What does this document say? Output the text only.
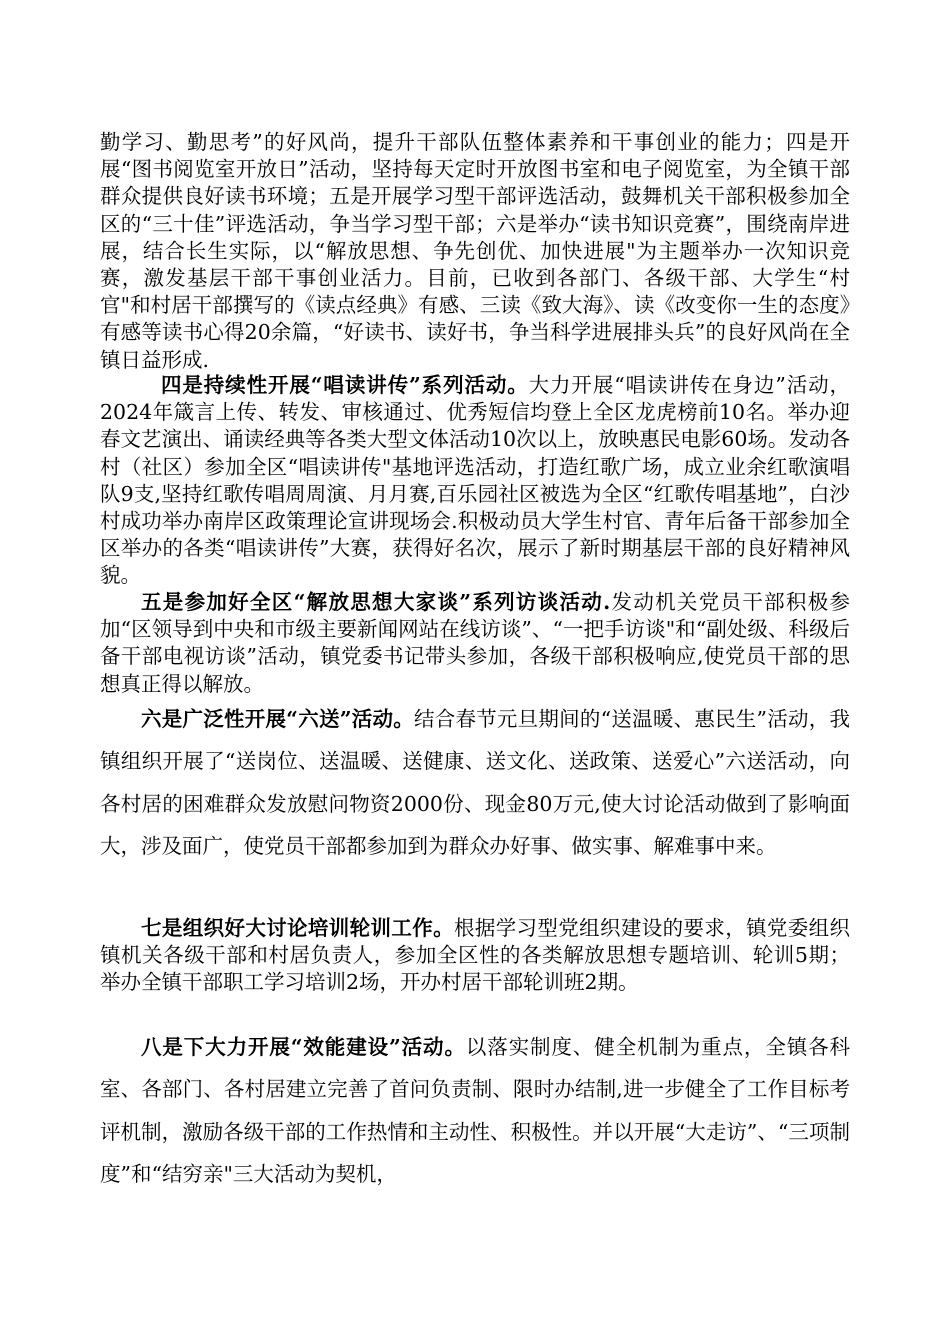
勤学习、勤思考”的好风尚，提升干部队伍整体素养和干事创业的能力；四是开展“图书阅览室开放日”活动，坚持每天定时开放图书室和电子阅览室，为全镇干部群众提供良好读书环境；五是开展学习型干部评选活动，鼓舞机关干部积极参加全区的“三十佳”评选活动，争当学习型干部；六是举办“读书知识竞赛”，围绕南岸进展，结合长生实际，以“解放思想、争先创优、加快进展"为主题举办一次知识竞赛，激发基层干部干事创业活力。目前，已收到各部门、各级干部、大学生“村官"和村居干部撰写的《读点经典》有感、三读《致大海》、读《改变你一生的态度》有感等读书心得20余篇，“好读书、读好书，争当科学进展排头兵”的良好风尚在全镇日益形成.

四是持续性开展“唱读讲传”系列活动。大力开展“唱读讲传在身边”活动，2024年箴言上传、转发、审核通过、优秀短信均登上全区龙虎榜前10名。举办迎春文艺演出、诵读经典等各类大型文体活动10次以上，放映惠民电影60场。发动各村（社区）参加全区“唱读讲传"基地评选活动，打造红歌广场，成立业余红歌演唱队9支,坚持红歌传唱周周演、月月赛,百乐园社区被选为全区“红歌传唱基地”，白沙村成功举办南岸区政策理论宣讲现场会.积极动员大学生村官、青年后备干部参加全区举办的各类“唱读讲传”大赛，获得好名次，展示了新时期基层干部的良好精神风貌。

五是参加好全区“解放思想大家谈”系列访谈活动.发动机关党员干部积极参加“区领导到中央和市级主要新闻网站在线访谈”、“一把手访谈"和“副处级、科级后备干部电视访谈”活动，镇党委书记带头参加，各级干部积极响应,使党员干部的思想真正得以解放。

六是广泛性开展“六送”活动。结合春节元旦期间的“送温暖、惠民生”活动，我镇组织开展了“送岗位、送温暖、送健康、送文化、送政策、送爱心”六送活动，向各村居的困难群众发放慰问物资2000份、现金80万元,使大讨论活动做到了影响面大，涉及面广，使党员干部都参加到为群众办好事、做实事、解难事中来。

七是组织好大讨论培训轮训工作。根据学习型党组织建设的要求，镇党委组织镇机关各级干部和村居负责人，参加全区性的各类解放思想专题培训、轮训5期；举办全镇干部职工学习培训2场，开办村居干部轮训班2期。

八是下大力开展“效能建设”活动。以落实制度、健全机制为重点，全镇各科室、各部门、各村居建立完善了首问负责制、限时办结制,进一步健全了工作目标考评机制，激励各级干部的工作热情和主动性、积极性。并以开展“大走访”、“三项制度”和“结穷亲"三大活动为契机，
